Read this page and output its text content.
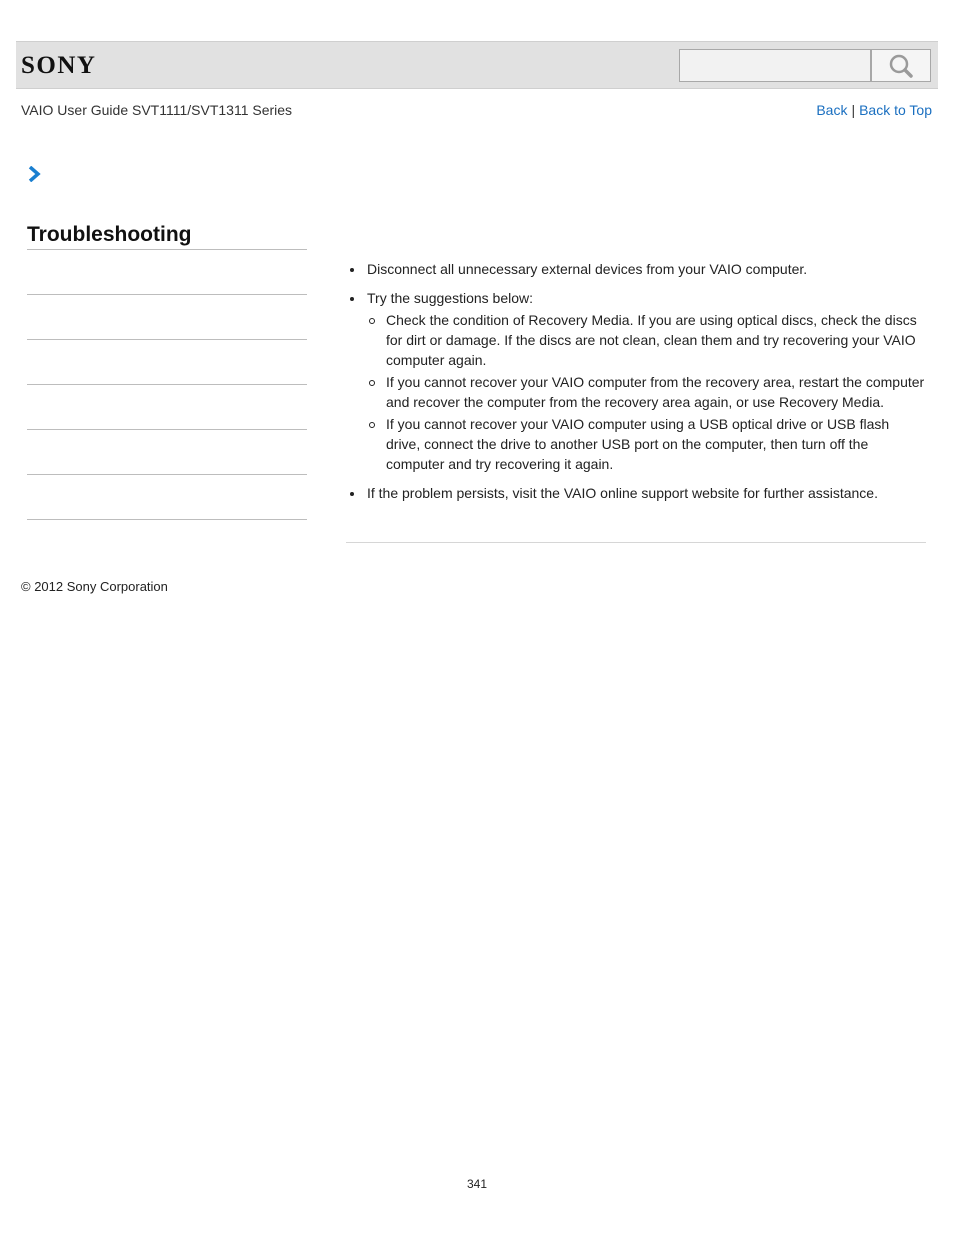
SONY
VAIO User Guide SVT1111/SVT1311 Series	Back | Back to Top
Troubleshooting
Disconnect all unnecessary external devices from your VAIO computer.
Try the suggestions below:
Check the condition of Recovery Media. If you are using optical discs, check the discs for dirt or damage. If the discs are not clean, clean them and try recovering your VAIO computer again.
If you cannot recover your VAIO computer from the recovery area, restart the computer and recover the computer from the recovery area again, or use Recovery Media.
If you cannot recover your VAIO computer using a USB optical drive or USB flash drive, connect the drive to another USB port on the computer, then turn off the computer and try recovering it again.
If the problem persists, visit the VAIO online support website for further assistance.
© 2012 Sony Corporation
341
